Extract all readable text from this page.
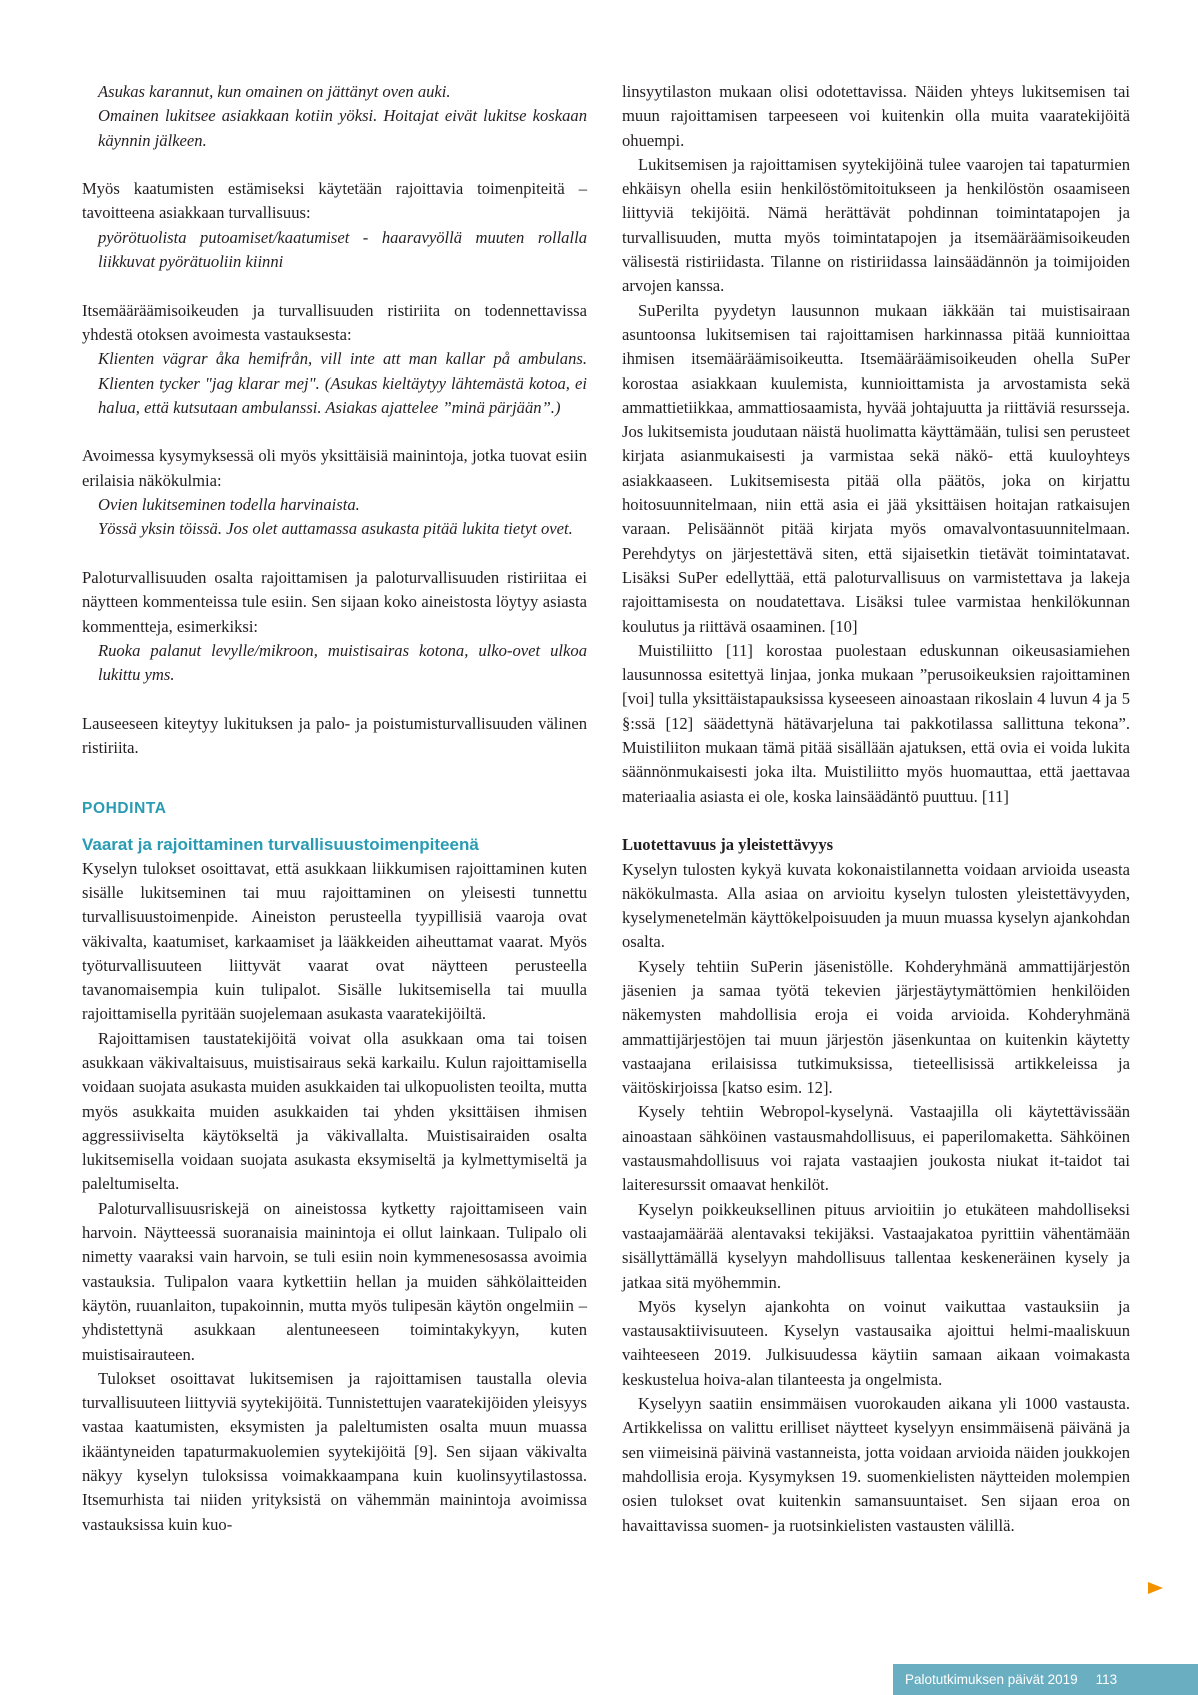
Asukas karannut, kun omainen on jättänyt oven auki.

Omainen lukitsee asiakkaan kotiin yöksi. Hoitajat eivät lukitse koskaan käynnin jälkeen.

Myös kaatumisten estämiseksi käytetään rajoittavia toimenpiteitä – tavoitteena asiakkaan turvallisuus:

pyörötuolista putoamiset/kaatumiset - haaravyöllä muuten rollalla liikkuvat pyörätuoliin kiinni

Itsemääräämisoikeuden ja turvallisuuden ristiriita on todennettavissa yhdestä otoksen avoimesta vastauksesta:

Klienten vägrar åka hemifrån, vill inte att man kallar på ambulans. Klienten tycker "jag klarar mej". (Asukas kieltäytyy lähtemästä kotoa, ei halua, että kutsutaan ambulanssi. Asiakas ajattelee ”minä pärjään”.)

Avoimessa kysymyksessä oli myös yksittäisiä mainintoja, jotka tuovat esiin erilaisia näkökulmia:

Ovien lukitseminen todella harvinaista.

Yössä yksin töissä. Jos olet auttamassa asukasta pitää lukita tietyt ovet.

Paloturvallisuuden osalta rajoittamisen ja paloturvallisuuden ristiriitaa ei näytteen kommenteissa tule esiin. Sen sijaan koko aineistosta löytyy asiasta kommentteja, esimerkiksi:

Ruoka palanut levylle/mikroon, muistisairas kotona, ulko-ovet ulkoa lukittu yms.

Lauseeseen kiteytyy lukituksen ja palo- ja poistumisturvallisuuden välinen ristiriita.

POHDINTA
Vaarat ja rajoittaminen turvallisuustoimenpiteenä

Kyselyn tulokset osoittavat, että asukkaan liikkumisen rajoittaminen kuten sisälle lukitseminen tai muu rajoittaminen on yleisesti tunnettu turvallisuustoimenpide. Aineiston perusteella tyypillisiä vaaroja ovat väkivalta, kaatumiset, karkaamiset ja lääkkeiden aiheuttamat vaarat. Myös työturvallisuuteen liittyvät vaarat ovat näytteen perusteella tavanomaisempia kuin tulipalot. Sisälle lukitsemisella tai muulla rajoittamisella pyritään suojelemaan asukasta vaaratekijöiltä.

Rajoittamisen taustatekijöitä voivat olla asukkaan oma tai toisen asukkaan väkivaltaisuus, muistisairaus sekä karkailu. Kulun rajoittamisella voidaan suojata asukasta muiden asukkaiden tai ulkopuolisten teoilta, mutta myös asukkaita muiden asukkaiden tai yhden yksittäisen ihmisen aggressiiviselta käytökseltä ja väkivallalta. Muistisairaiden osalta lukitsemisella voidaan suojata asukasta eksymiseltä ja kylmettymiseltä ja paleltumiselta.

Paloturvallisuusriskejä on aineistossa kytketty rajoittamiseen vain harvoin. Näytteessä suoranaisia mainintoja ei ollut lainkaan. Tulipalo oli nimetty vaaraksi vain harvoin, se tuli esiin noin kymmenesosassa avoimia vastauksia. Tulipalon vaara kytkettiin hellan ja muiden sähkölaitteiden käytön, ruuanlaiton, tupakoinnin, mutta myös tulipesän käytön ongelmiin – yhdistettynä asukkaan alentuneeseen toimintakykyyn, kuten muistisairauteen.

Tulokset osoittavat lukitsemisen ja rajoittamisen taustalla olevia turvallisuuteen liittyviä syytekijöitä. Tunnistettujen vaaratekijöiden yleisyys vastaa kaatumisten, eksymisten ja paleltumisten osalta muun muassa ikääntyneiden tapaturmakuolemien syytekijöitä [9]. Sen sijaan väkivalta näkyy kyselyn tuloksissa voimakkaampana kuin kuolinsyytilastossa. Itsemurhista tai niiden yrityksistä on vähemmän mainintoja avoimissa vastauksissa kuin kuo-

linsyytilaston mukaan olisi odotettavissa. Näiden yhteys lukitsemisen tai muun rajoittamisen tarpeeseen voi kuitenkin olla muita vaaratekijöitä ohuempi.

Lukitsemisen ja rajoittamisen syytekijöinä tulee vaarojen tai tapaturmien ehkäisyn ohella esiin henkilöstömitoitukseen ja henkilöstön osaamiseen liittyviä tekijöitä. Nämä herättävät pohdinnan toimintatapojen ja turvallisuuden, mutta myös toimintatapojen ja itsemääräämisoikeuden välisestä ristiriidasta. Tilanne on ristiriidassa lainsäädännön ja toimijoiden arvojen kanssa.

SuPerilta pyydetyn lausunnon mukaan iäkkään tai muistisairaan asuntoonsa lukitsemisen tai rajoittamisen harkinnassa pitää kunnioittaa ihmisen itsemääräämisoikeutta. Itsemääräämisoikeuden ohella SuPer korostaa asiakkaan kuulemista, kunnioittamista ja arvostamista sekä ammattietiikkaa, ammattiosaamista, hyvää johtajuutta ja riittäviä resursseja. Jos lukitsemista joudutaan näistä huolimatta käyttämään, tulisi sen perusteet kirjata asianmukaisesti ja varmistaa sekä näkö- että kuuloyhteys asiakkaaseen. Lukitsemisesta pitää olla päätös, joka on kirjattu hoitosuunnitelmaan, niin että asia ei jää yksittäisen hoitajan ratkaisujen varaan. Pelisäännöt pitää kirjata myös omavalvontasuunnitelmaan. Perehdytys on järjestettävä siten, että sijaisetkin tietävät toimintatavat. Lisäksi SuPer edellyttää, että paloturvallisuus on varmistettava ja lakeja rajoittamisesta on noudatettava. Lisäksi tulee varmistaa henkilökunnan koulutus ja riittävä osaaminen. [10]

Muistiliitto [11] korostaa puolestaan eduskunnan oikeusasiamiehen lausunnossa esitettyä linjaa, jonka mukaan ”perusoikeuksien rajoittaminen [voi] tulla yksittäistapauksissa kyseeseen ainoastaan rikoslain 4 luvun 4 ja 5 §:ssä [12] säädettynä hätävarjeluna tai pakkotilassa sallittuna tekona”. Muistiliiton mukaan tämä pitää sisällään ajatuksen, että ovia ei voida lukita säännönmukaisesti joka ilta. Muistiliitto myös huomauttaa, että jaettavaa materiaalia asiasta ei ole, koska lainsäädäntö puuttuu. [11]

Luotettavuus ja yleistettävyys

Kyselyn tulosten kykyä kuvata kokonaistilannetta voidaan arvioida useasta näkökulmasta. Alla asiaa on arvioitu kyselyn tulosten yleistettävyyden, kyselymenetelmän käyttökelpoisuuden ja muun muassa kyselyn ajankohdan osalta.

Kysely tehtiin SuPerin jäsenistölle. Kohderyhmänä ammattijärjestön jäsenien ja samaa työtä tekevien järjestäytymättömien henkilöiden näkemysten mahdollisia eroja ei voida arvioida. Kohderyhmänä ammattijärjestöjen tai muun järjestön jäsenkuntaa on kuitenkin käytetty vastaajana erilaisissa tutkimuksissa, tieteellisissä artikkeleissa ja väitöskirjoissa [katso esim. 12].

Kysely tehtiin Webropol-kyselynä. Vastaajilla oli käytettävissään ainoastaan sähköinen vastausmahdollisuus, ei paperilomaketta. Sähköinen vastausmahdollisuus voi rajata vastaajien joukosta niukat it-taidot tai laiteresurssit omaavat henkilöt.

Kyselyn poikkeuksellinen pituus arvioitiin jo etukäteen mahdolliseksi vastaajamäärää alentavaksi tekijäksi. Vastaajakatoa pyrittiin vähentämään sisällyttämällä kyselyyn mahdollisuus tallentaa keskeneräinen kysely ja jatkaa sitä myöhemmin.

Myös kyselyn ajankohta on voinut vaikuttaa vastauksiin ja vastausaktiivisuuteen. Kyselyn vastausaika ajoittui helmi-maaliskuun vaihteeseen 2019. Julkisuudessa käytiin samaan aikaan voimakasta keskustelua hoiva-alan tilanteesta ja ongelmista.

Kyselyyn saatiin ensimmäisen vuorokauden aikana yli 1000 vastausta. Artikkelissa on valittu erilliset näytteet kyselyyn ensimmäisenä päivänä ja sen viimeisinä päivinä vastanneista, jotta voidaan arvioida näiden joukkojen mahdollisia eroja. Kysymyksen 19. suomenkielisten näytteiden molempien osien tulokset ovat kuitenkin samansuuntaiset. Sen sijaan eroa on havaittavissa suomen- ja ruotsinkielisten vastausten välillä.

Palotutkimuksen päivät 2019 113
